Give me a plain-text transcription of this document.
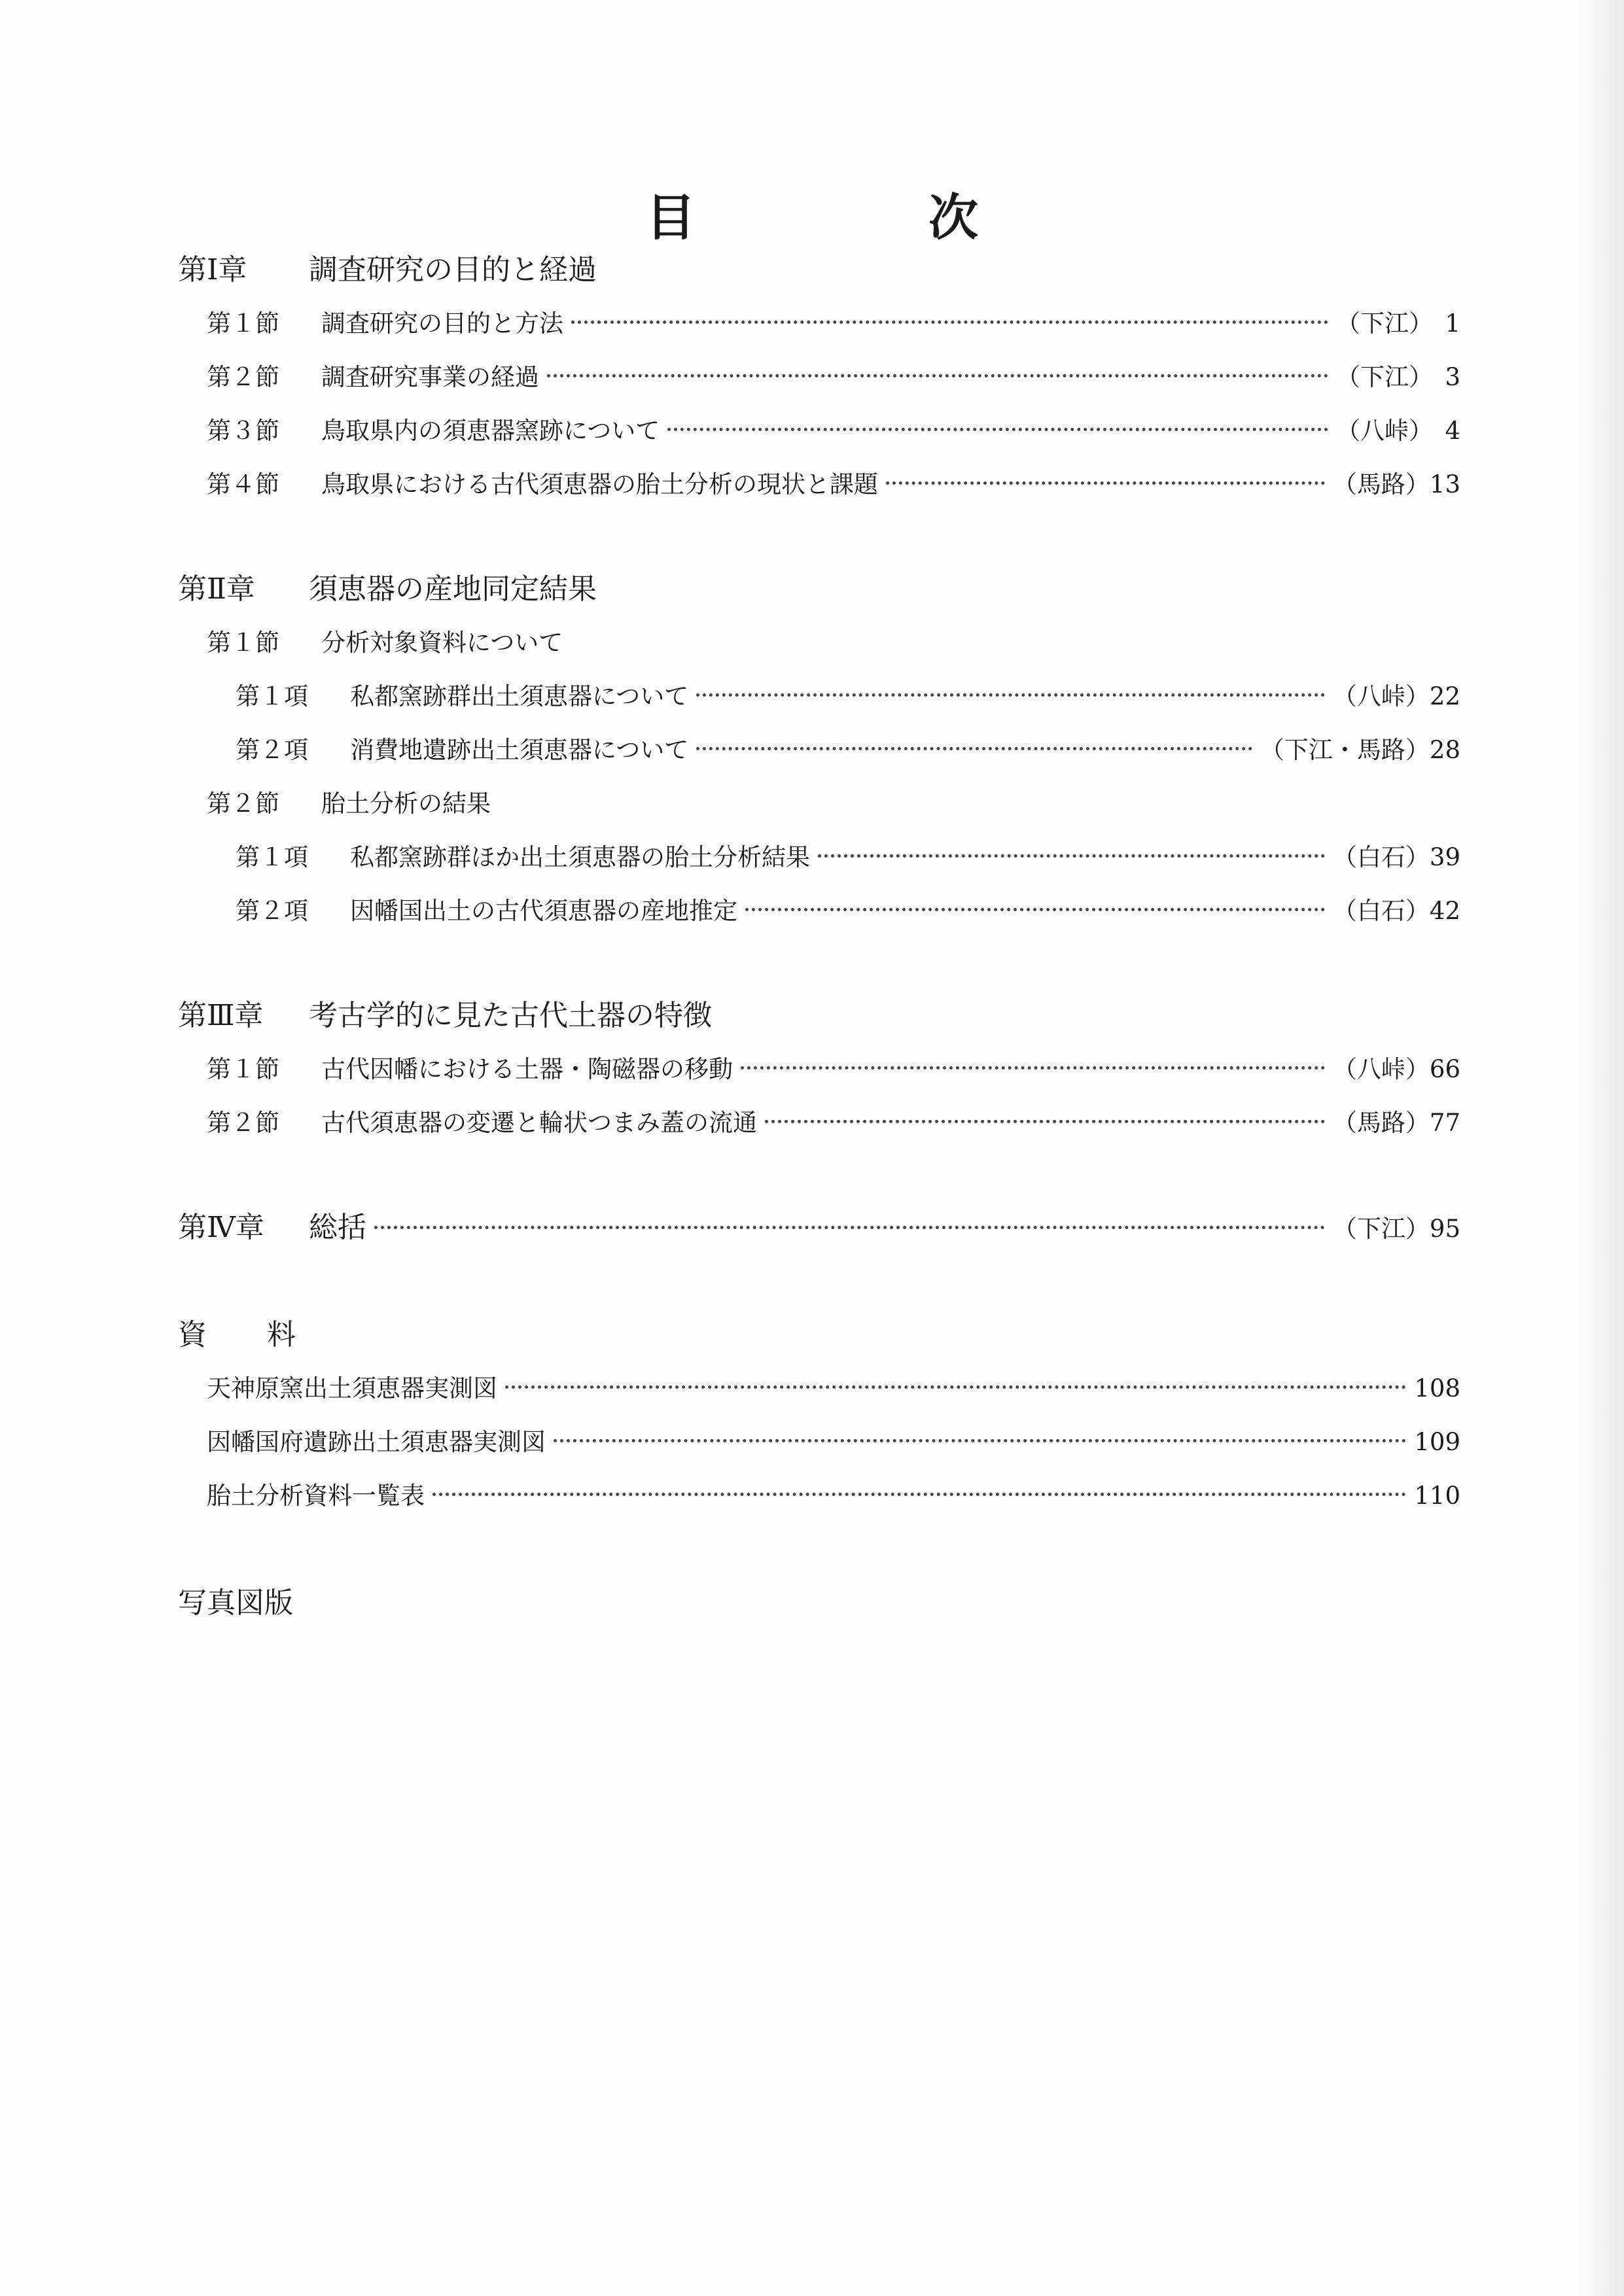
目　次
第Ⅰ章	調査研究の目的と経過
第１節	調査研究の目的と方法	（下江） 1
第２節	調査研究事業の経過	（下江） 3
第３節	鳥取県内の須恵器窯跡について	（八峠） 4
第４節	鳥取県における古代須恵器の胎土分析の現状と課題	（馬路） 13
第Ⅱ章	須恵器の産地同定結果
第１節	分析対象資料について
第１項	私都窯跡群出土須恵器について	（八峠） 22
第２項	消費地遺跡出土須恵器について	（下江・馬路） 28
第２節	胎土分析の結果
第１項	私都窯跡群ほか出土須恵器の胎土分析結果	（白石） 39
第２項	因幡国出土の古代須恵器の産地推定	（白石） 42
第Ⅲ章	考古学的に見た古代土器の特徴
第１節	古代因幡における土器・陶磁器の移動	（八峠） 66
第２節	古代須恵器の変遷と輪状つまみ蓋の流通	（馬路） 77
第Ⅳ章	総括	（下江） 95
資料
天神原窯出土須恵器実測図	108
因幡国府遺跡出土須恵器実測図	109
胎土分析資料一覧表	110
写真図版
